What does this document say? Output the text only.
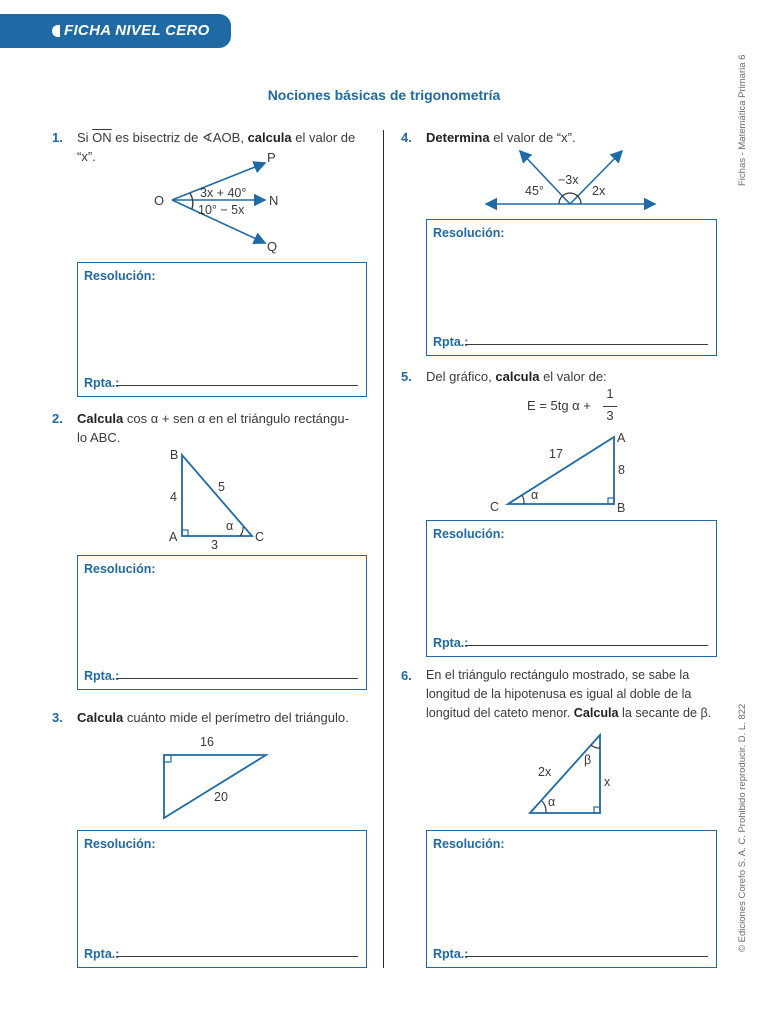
FICHA NIVEL CERO
Fichas - Matemática Primaria 6
© Ediciones Corefo S. A. C. Prohibido reproducir. D. L. 822
Nociones básicas de trigonometría
1. Si $\overline{ON}$ es bisectriz de ∢AOB, calcula el valor de “x”.
O
P
N
Q
3x + 40°
10° − 5x
Resolución:
Rpta.:
2. Calcula cos α + sen α en el triángulo rectángu-
lo ABC.
B
A	C
4
5
3
α
Resolución:
Rpta.:
3. Calcula cuánto mide el perímetro del triángulo.
16
20
Resolución:
Rpta.:
4. Determina el valor de “x”.
45°
−3x
2x
Resolución:
Rpta.:
5. Del gráfico, calcula el valor de:
E = 5tg α +
1
3
A
B
C
17
8
α
Resolución:
Rpta.:
6. En el triángulo rectángulo mostrado, se sabe la
longitud de la hipotenusa es igual al doble de la
longitud del cateto menor. Calcula la secante de β.
2x
x
α
β
Resolución:
Rpta.:
